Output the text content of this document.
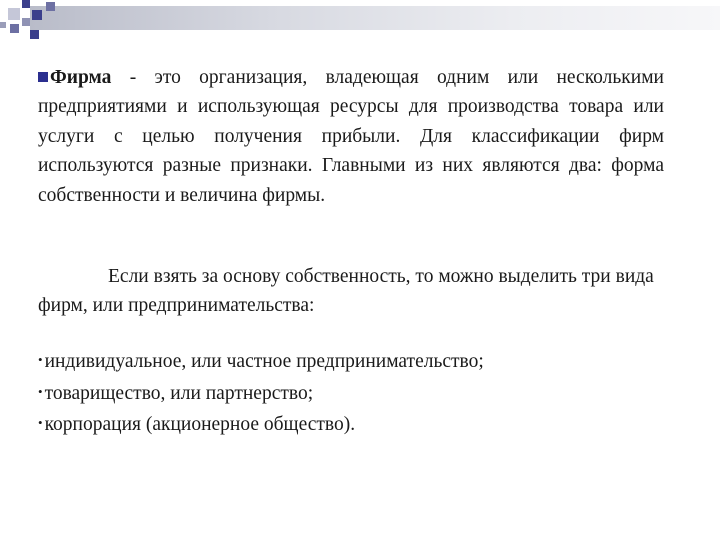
Фирма - это организация, владеющая одним или несколькими предприятиями и использующая ресурсы для производства товара или услуги с целью получения прибыли. Для классификации фирм используются разные признаки. Главными из них являются два: форма собственности и величина фирмы.
Если взять за основу собственность, то можно выделить три вида фирм, или предпринимательства:
• индивидуальное, или частное предпринимательство;
• товарищество, или партнерство;
• корпорация (акционерное общество).
